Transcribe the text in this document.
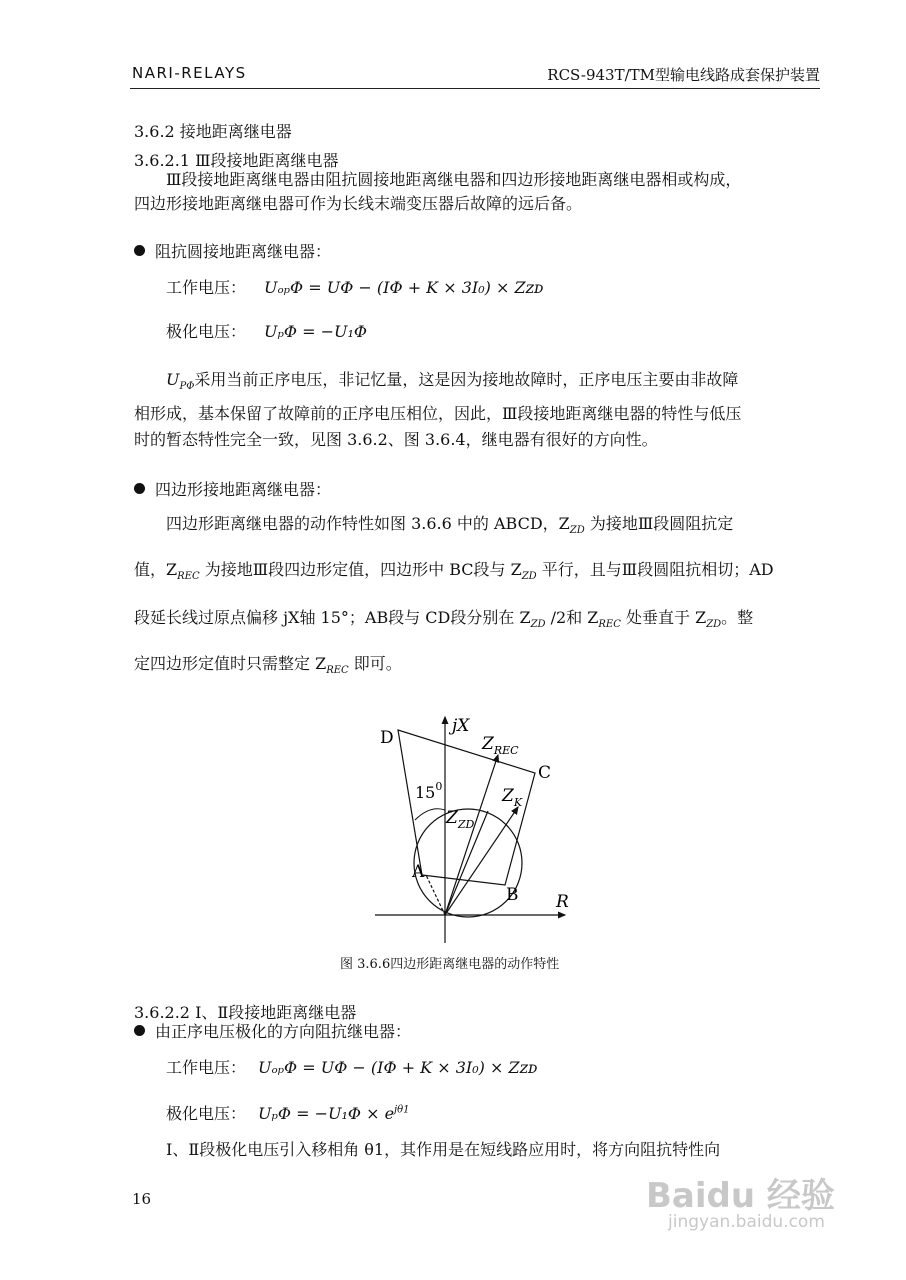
NARI-RELAYS	RCS-943T/TM型输电线路成套保护装置
3.6.2 接地距离继电器
3.6.2.1 Ⅲ段接地距离继电器
Ⅲ段接地距离继电器由阻抗圆接地距离继电器和四边形接地距离继电器相或构成，
四边形接地距离继电器可作为长线末端变压器后故障的远后备。
阻抗圆接地距离继电器：
工作电压： UₒₚΦ = UΦ − (IΦ + K × 3I₀) × Zᴢᴅ
极化电压： UₚΦ = −U₁Φ
$U_{P\Phi}$采用当前正序电压，非记忆量，这是因为接地故障时，正序电压主要由非故障
相形成，基本保留了故障前的正序电压相位，因此，Ⅲ段接地距离继电器的特性与低压
时的暂态特性完全一致，见图 3.6.2、图 3.6.4，继电器有很好的方向性。
四边形接地距离继电器：
四边形距离继电器的动作特性如图 3.6.6 中的 ABCD，$Z_{ZD}$ 为接地Ⅲ段圆阻抗定
值，$Z_{REC}$ 为接地Ⅲ段四边形定值，四边形中 BC段与 $Z_{ZD}$ 平行，且与Ⅲ段圆阻抗相切；AD
段延长线过原点偏移 jX轴 15°；AB段与 CD段分别在 $Z_{ZD}$ /2和 $Z_{REC}$ 处垂直于 $Z_{ZD}$。整
定四边形定值时只需整定 $Z_{REC}$ 即可。
D
C
A
B
jX
R
$15^0$
$Z_{REC}$
$Z_K$
$Z_{ZD}$
图 3.6.6四边形距离继电器的动作特性
3.6.2.2 Ⅰ、Ⅱ段接地距离继电器
由正序电压极化的方向阻抗继电器：
工作电压： UₒₚΦ = UΦ − (IΦ + K × 3I₀) × Zᴢᴅ
极化电压： $U_p\Phi = -U_1\Phi \times e^{j\theta 1}$
Ⅰ、Ⅱ段极化电压引入移相角 θ1，其作用是在短线路应用时，将方向阻抗特性向
16	Baidu 经验
jingyan.baidu.com
